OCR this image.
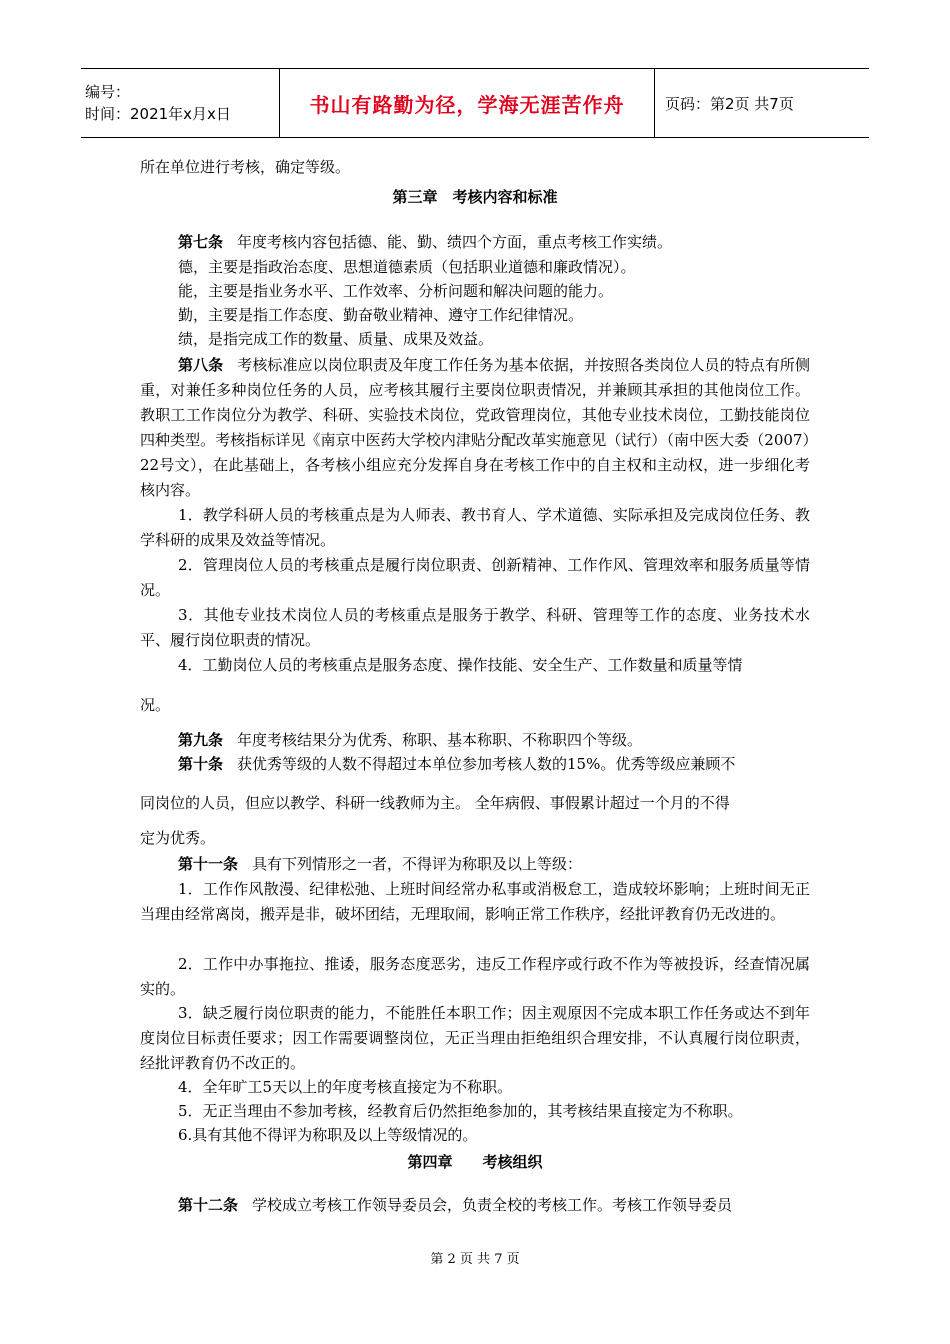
编号：
时间：2021年x月x日	书山有路勤为径，学海无涯苦作舟	页码：第2页 共7页
所在单位进行考核，确定等级。
第三章　考核内容和标准
第七条 年度考核内容包括德、能、勤、绩四个方面，重点考核工作实绩。
德，主要是指政治态度、思想道德素质（包括职业道德和廉政情况）。
能，主要是指业务水平、工作效率、分析问题和解决问题的能力。
勤，主要是指工作态度、勤奋敬业精神、遵守工作纪律情况。
绩，是指完成工作的数量、质量、成果及效益。
第八条 考核标准应以岗位职责及年度工作任务为基本依据，并按照各类岗位人员的特点有所侧重，对兼任多种岗位任务的人员，应考核其履行主要岗位职责情况，并兼顾其承担的其他岗位工作。教职工工作岗位分为教学、科研、实验技术岗位，党政管理岗位，其他专业技术岗位，工勤技能岗位四种类型。考核指标详见《南京中医药大学校内津贴分配改革实施意见（试行）（南中医大委（2007）22号文），在此基础上，各考核小组应充分发挥自身在考核工作中的自主权和主动权，进一步细化考核内容。
1．教学科研人员的考核重点是为人师表、教书育人、学术道德、实际承担及完成岗位任务、教学科研的成果及效益等情况。
2．管理岗位人员的考核重点是履行岗位职责、创新精神、工作作风、管理效率和服务质量等情况。
3．其他专业技术岗位人员的考核重点是服务于教学、科研、管理等工作的态度、业务技术水平、履行岗位职责的情况。
4．工勤岗位人员的考核重点是服务态度、操作技能、安全生产、工作数量和质量等情
况。
第九条 年度考核结果分为优秀、称职、基本称职、不称职四个等级。
第十条 获优秀等级的人数不得超过本单位参加考核人数的15%。优秀等级应兼顾不
同岗位的人员，但应以教学、科研一线教师为主。 全年病假、事假累计超过一个月的不得
定为优秀。
第十一条 具有下列情形之一者，不得评为称职及以上等级：
1．工作作风散漫、纪律松弛、上班时间经常办私事或消极怠工，造成较坏影响；上班时间无正当理由经常离岗，搬弄是非，破坏团结，无理取闹，影响正常工作秩序，经批评教育仍无改进的。
2．工作中办事拖拉、推诿，服务态度恶劣，违反工作程序或行政不作为等被投诉，经查情况属实的。
3．缺乏履行岗位职责的能力，不能胜任本职工作；因主观原因不完成本职工作任务或达不到年度岗位目标责任要求；因工作需要调整岗位，无正当理由拒绝组织合理安排，不认真履行岗位职责，经批评教育仍不改正的。
4．全年旷工5天以上的年度考核直接定为不称职。
5．无正当理由不参加考核，经教育后仍然拒绝参加的，其考核结果直接定为不称职。
6.具有其他不得评为称职及以上等级情况的。
第四章　　考核组织
第十二条 学校成立考核工作领导委员会，负责全校的考核工作。考核工作领导委员
第 2 页 共 7 页
